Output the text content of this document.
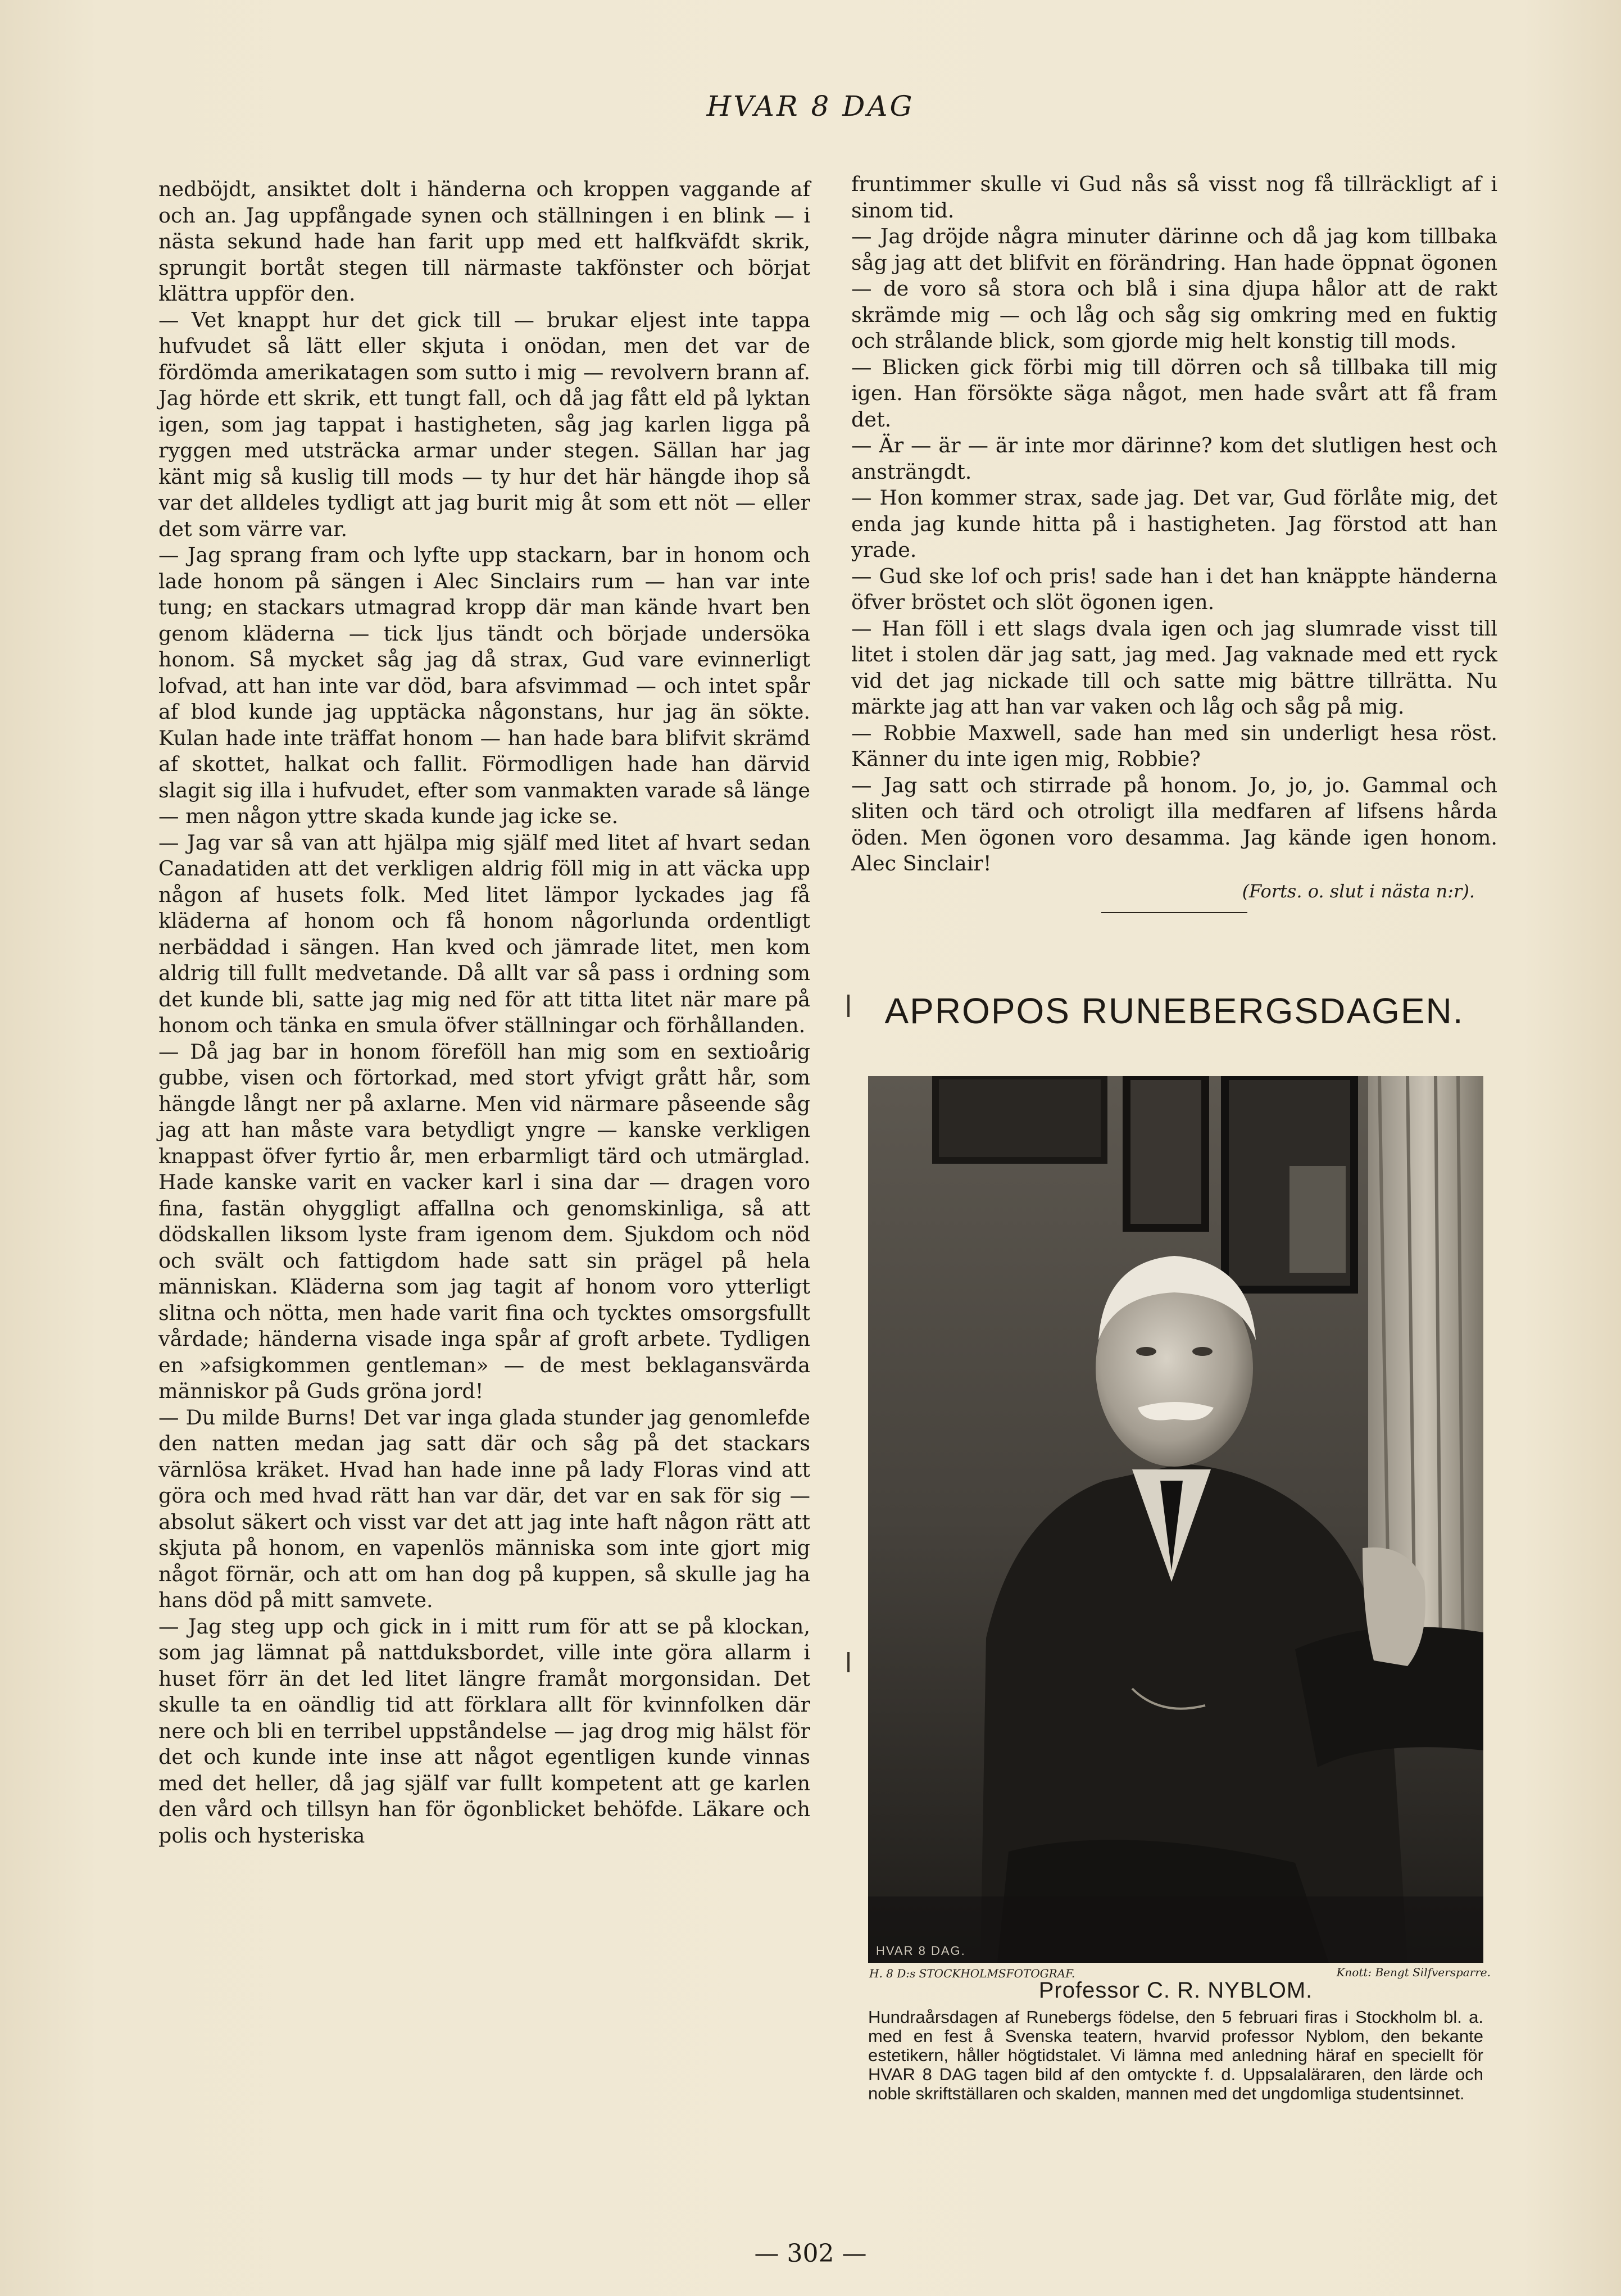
HVAR 8 DAG

nedböjdt, ansiktet dolt i händerna och kroppen vaggande af och an. Jag uppfångade synen och ställningen i en blink — i nästa sekund hade han farit upp med ett halfkväfdt skrik, sprungit bortåt stegen till närmaste takfönster och börjat klättra uppför den.

— Vet knappt hur det gick till — brukar eljest inte tappa hufvudet så lätt eller skjuta i onödan, men det var de fördömda amerikatagen som sutto i mig — revolvern brann af. Jag hörde ett skrik, ett tungt fall, och då jag fått eld på lyktan igen, som jag tappat i hastigheten, såg jag karlen ligga på ryggen med utsträcka armar under stegen. Sällan har jag känt mig så kuslig till mods — ty hur det här hängde ihop så var det alldeles tydligt att jag burit mig åt som ett nöt — eller det som värre var.

— Jag sprang fram och lyfte upp stackarn, bar in honom och lade honom på sängen i Alec Sinclairs rum — han var inte tung; en stackars utmagrad kropp där man kände hvart ben genom kläderna — tick ljus tändt och började undersöka honom. Så mycket såg jag då strax, Gud vare evinnerligt lofvad, att han inte var död, bara afsvimmad — och intet spår af blod kunde jag upptäcka någonstans, hur jag än sökte. Kulan hade inte träffat honom — han hade bara blifvit skrämd af skottet, halkat och fallit. Förmodligen hade han därvid slagit sig illa i hufvudet, efter som vanmakten varade så länge — men någon yttre skada kunde jag icke se.

— Jag var så van att hjälpa mig själf med litet af hvart sedan Canadatiden att det verkligen aldrig föll mig in att väcka upp någon af husets folk. Med litet lämpor lyckades jag få kläderna af honom och få honom någorlunda ordentligt nerbäddad i sängen. Han kved och jämrade litet, men kom aldrig till fullt medvetande. Då allt var så pass i ordning som det kunde bli, satte jag mig ned för att titta litet när mare på honom och tänka en smula öfver ställningar och förhållanden.

— Då jag bar in honom föreföll han mig som en sextioårig gubbe, visen och förtorkad, med stort yfvigt grått hår, som hängde långt ner på axlarne. Men vid närmare påseende såg jag att han måste vara betydligt yngre — kanske verkligen knappast öfver fyrtio år, men erbarmligt tärd och utmärglad. Hade kanske varit en vacker karl i sina dar — dragen voro fina, fastän ohyggligt affallna och genomskinliga, så att dödskallen liksom lyste fram igenom dem. Sjukdom och nöd och svält och fattigdom hade satt sin prägel på hela människan. Kläderna som jag tagit af honom voro ytterligt slitna och nötta, men hade varit fina och tycktes omsorgsfullt vårdade; händerna visade inga spår af groft arbete. Tydligen en »afsigkommen gentleman» — de mest beklagansvärda människor på Guds gröna jord!

— Du milde Burns! Det var inga glada stunder jag genomlefde den natten medan jag satt där och såg på det stackars värnlösa kräket. Hvad han hade inne på lady Floras vind att göra och med hvad rätt han var där, det var en sak för sig — absolut säkert och visst var det att jag inte haft någon rätt att skjuta på honom, en vapenlös människa som inte gjort mig något förnär, och att om han dog på kuppen, så skulle jag ha hans död på mitt samvete.

— Jag steg upp och gick in i mitt rum för att se på klockan, som jag lämnat på nattduksbordet, ville inte göra allarm i huset förr än det led litet längre framåt morgonsidan. Det skulle ta en oändlig tid att förklara allt för kvinnfolken där nere och bli en terribel uppståndelse — jag drog mig hälst för det och kunde inte inse att något egentligen kunde vinnas med det heller, då jag själf var fullt kompetent att ge karlen den vård och tillsyn han för ögonblicket behöfde. Läkare och polis och hysteriska

fruntimmer skulle vi Gud nås så visst nog få tillräckligt af i sinom tid.

— Jag dröjde några minuter därinne och då jag kom tillbaka såg jag att det blifvit en förändring. Han hade öppnat ögonen — de voro så stora och blå i sina djupa hålor att de rakt skrämde mig — och låg och såg sig omkring med en fuktig och strålande blick, som gjorde mig helt konstig till mods.

— Blicken gick förbi mig till dörren och så tillbaka till mig igen. Han försökte säga något, men hade svårt att få fram det.

— Är — är — är inte mor därinne? kom det slutligen hest och ansträngdt.

— Hon kommer strax, sade jag. Det var, Gud förlåte mig, det enda jag kunde hitta på i hastigheten. Jag förstod att han yrade.

— Gud ske lof och pris! sade han i det han knäppte händerna öfver bröstet och slöt ögonen igen.

— Han föll i ett slags dvala igen och jag slumrade visst till litet i stolen där jag satt, jag med. Jag vaknade med ett ryck vid det jag nickade till och satte mig bättre tillrätta. Nu märkte jag att han var vaken och låg och såg på mig.

— Robbie Maxwell, sade han med sin underligt hesa röst. Känner du inte igen mig, Robbie?

— Jag satt och stirrade på honom. Jo, jo, jo. Gammal och sliten och tärd och otroligt illa medfaren af lifsens hårda öden. Men ögonen voro desamma. Jag kände igen honom. Alec Sinclair!

(Forts. o. slut i nästa n:r).
APROPOS RUNEBERGSDAGEN.
HVAR 8 DAG.
H. 8 D:s STOCKHOLMSFOTOGRAF.	Knott: Bengt Silfversparre.
Professor C. R. NYBLOM.
Hundraårsdagen af Runebergs födelse, den 5 februari firas i Stockholm bl. a. med en fest å Svenska teatern, hvarvid professor Nyblom, den bekante estetikern, håller högtidstalet. Vi lämna med anledning häraf en speciellt för HVAR 8 DAG tagen bild af den omtyckte f. d. Uppsalaläraren, den lärde och noble skriftställaren och skalden, mannen med det ungdomliga studentsinnet.
— 302 —
